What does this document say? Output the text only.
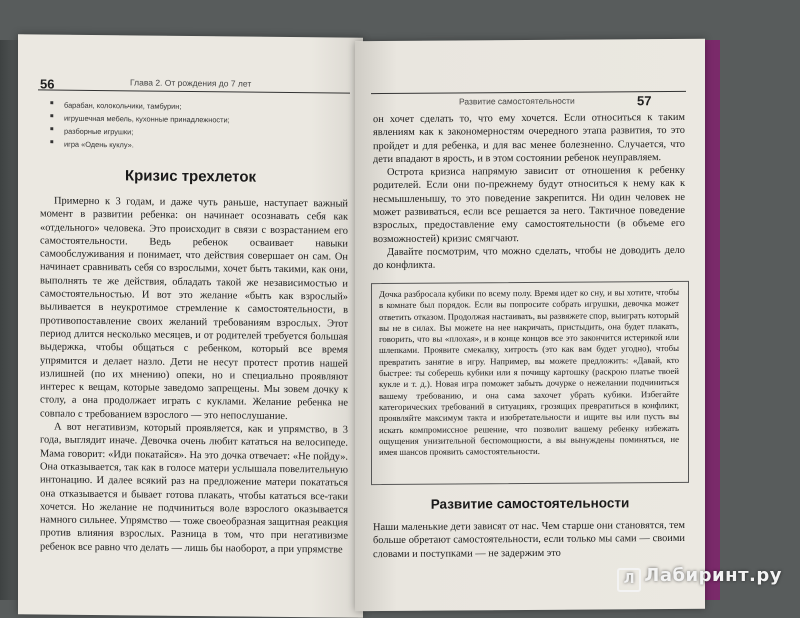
56	Глава 2. От рождения до 7 лет
■ барабан, колокольчики, тамбурин;
■ игрушечная мебель, кухонные принадлежности;
■ разборные игрушки;
■ игра «Одень куклу».
Кризис трехлеток

Примерно к 3 годам, и даже чуть раньше, наступает важный момент в развитии ребенка: он начинает осознавать себя как «отдельного» человека. Это происходит в связи с возрастанием его самостоятельности. Ведь ребенок осваивает навыки самообслуживания и понимает, что действия совершает он сам. Он начинает сравнивать себя со взрослыми, хочет быть такими, как они, выполнять те же действия, обладать такой же независимостью и самостоятельностью. И вот это желание «быть как взрослый» выливается в неукротимое стремление к самостоятельности, в противопоставление своих желаний требованиям взрослых. Этот период длится несколько месяцев, и от родителей требуется большая выдержка, чтобы общаться с ребенком, который все время упрямится и делает назло. Дети не несут протест против нашей излишней (по их мнению) опеки, но и специально проявляют интерес к вещам, которые заведомо запрещены. Мы зовем дочку к столу, а она продолжает играть с куклами. Желание ребенка не совпало с требованием взрослого — это непослушание.

А вот негативизм, который проявляется, как и упрямство, в 3 года, выглядит иначе. Девочка очень любит кататься на велосипеде. Мама говорит: «Иди покатайся». На это дочка отвечает: «Не пойду». Она отказывается, так как в голосе матери услышала повелительную интонацию. И далее всякий раз на предложение матери покататься она отказывается и бывает готова плакать, чтобы кататься все-таки хочется. Но желание не подчиниться воле взрослого оказывается намного сильнее. Упрямство — тоже своеобразная защитная реакция против влияния взрослых. Разница в том, что при негативизме ребенок все равно что делать — лишь бы наоборот, а при упрямстве

Развитие самостоятельности	57

он хочет сделать то, что ему хочется. Если относиться к таким явлениям как к закономерностям очередного этапа развития, то это пройдет и для ребенка, и для вас менее болезненно. Случается, что дети впадают в ярость, и в этом состоянии ребенок неуправляем.

Острота кризиса напрямую зависит от отношения к ребенку родителей. Если они по-прежнему будут относиться к нему как к несмышленышу, то это поведение закрепится. Ни один человек не может развиваться, если все решается за него. Тактичное поведение взрослых, предоставление ему самостоятельности (в объеме его возможностей) кризис смягчают.

Давайте посмотрим, что можно сделать, чтобы не доводить дело до конфликта.

Дочка разбросала кубики по всему полу. Время идет ко сну, и вы хотите, чтобы в комнате был порядок. Если вы попросите собрать игрушки, девочка может ответить отказом. Продолжая настаивать, вы развяжете спор, выиграть который вы не в силах. Вы можете на нее накричать, пристыдить, она будет плакать, говорить, что вы «плохая», и в конце концов все это закончится истерикой или шлепками. Проявите смекалку, хитрость (это как вам будет угодно), чтобы превратить занятие в игру. Например, вы можете предложить: «Давай, кто быстрее: ты соберешь кубики или я почищу картошку (раскрою платье твоей кукле и т. д.). Новая игра поможет забыть дочурке о нежелании подчиниться вашему требованию, и она сама захочет убрать кубики. Избегайте категорических требований в ситуациях, грозящих превратиться в конфликт, проявляйте максимум такта и изобретательности и ищите вы или пусть вы искать компромиссное решение, что позволит вашему ребенку избежать ощущения унизительной беспомощности, а вы вынуждены поминяться, не имея шансов проявить самостоятельности.
Развитие самостоятельности

Наши маленькие дети зависят от нас. Чем старше они становятся, тем больше обретают самостоятельности, если только мы сами — своими словами и поступками — не задержим это

Л Лабиринт.ру
